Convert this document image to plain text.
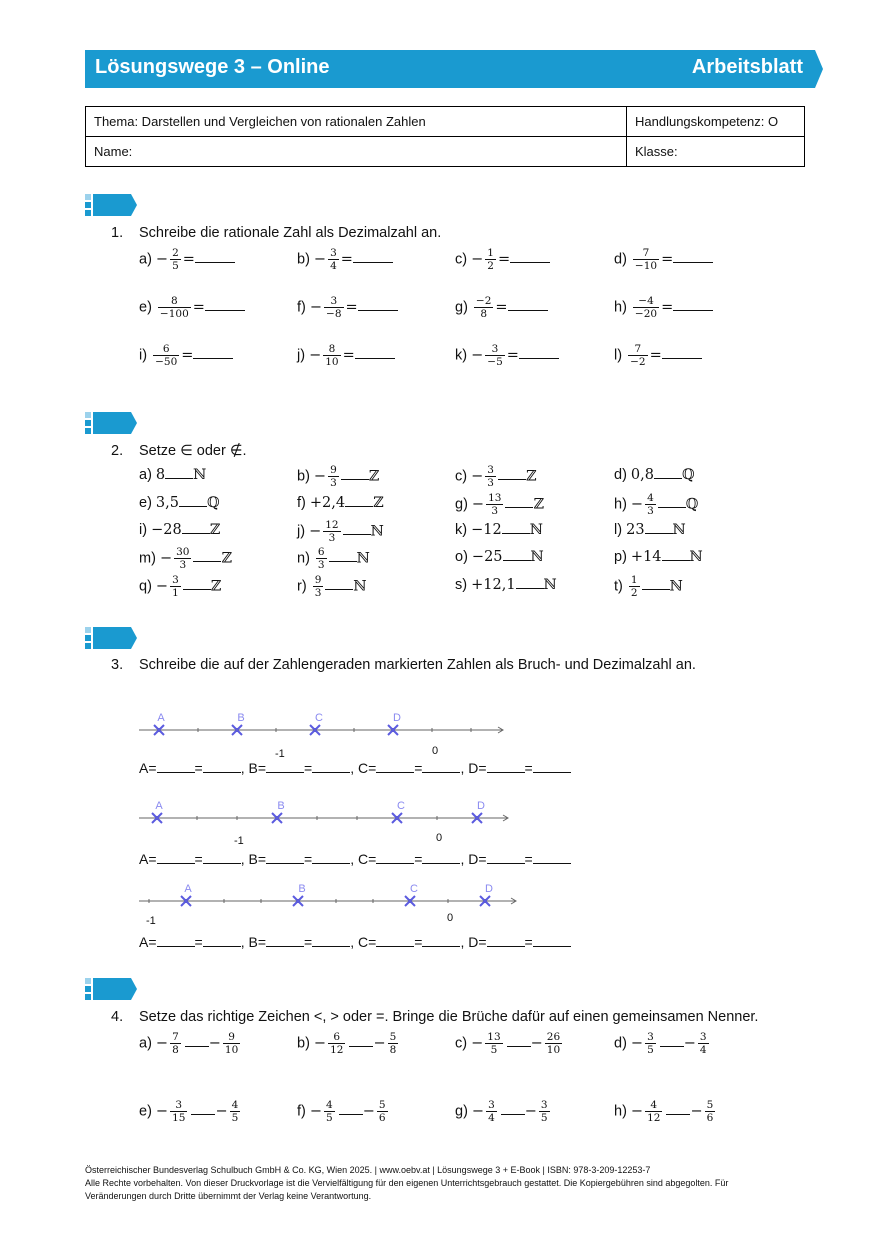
Lösungswege 3 – Online	Arbeitsblatt
Thema: Darstellen und Vergleichen von rationalen Zahlen	Handlungskompetenz: O
Name:	Klasse:
1. Schreibe die rationale Zahl als Dezimalzahl an.
$a) - \frac{2}{5}$ =	$b) - \frac{3}{4}$ =	$c) - \frac{1}{2}$ =	$d) \frac{7}{-10}$ =
$e) \frac{8}{-100}$ =	$f) - \frac{3}{-8}$ =	$g) \frac{-2}{8}$ =	$h) \frac{-4}{-20}$ =
$i) \frac{6}{-50}$ =	$j) - \frac{8}{10}$ =	$k) - \frac{3}{-5}$ =	$l) \frac{7}{-2}$ =
2. Setze ∈ oder ∉.
a) 8 ℕ	$b) - \frac{9}{3}$ ℤ	$c) - \frac{3}{3}$ ℤ	d) 0,8 ℚ
e) 3,5 ℚ	f) +2,4 ℤ	$g) - \frac{13}{3}$ ℤ	$h) - \frac{4}{3}$ ℚ
i) −28 ℤ	$j) - \frac{12}{3}$ ℕ	k) −12 ℕ	l) 23 ℕ
$m) - \frac{30}{3}$ ℤ	$n) \frac{6}{3}$ ℕ	o) −25 ℕ	p) +14 ℕ
$q) - \frac{3}{1}$ ℤ	$r) \frac{9}{3}$ ℕ	s) +12,1 ℕ	$t) \frac{1}{2}$ ℕ
3. Schreibe die auf der Zahlengeraden markierten Zahlen als Bruch- und Dezimalzahl an.
A	B	C	D
A	B	C	D
A	B	C	D
-1	0
A=	=	, B=	=	, C=	=	, D=	=
-1	0
A=	=	, B=	=	, C=	=	, D=	=
-1	0
A=	=	, B=	=	, C=	=	, D=	=
4. Setze das richtige Zeichen <, > oder =. Bringe die Brüche dafür auf einen gemeinsamen Nenner.
$a) - \frac{7}{8} - \frac{9}{10}$	$b) - \frac{6}{12} - \frac{5}{8}$	$c) - \frac{13}{5} - \frac{26}{10}$	$d) - \frac{3}{5} - \frac{3}{4}$
$e) - \frac{3}{15} - \frac{4}{5}$	$f) - \frac{4}{5} - \frac{5}{6}$	$g) - \frac{3}{4} - \frac{3}{5}$	$h) - \frac{4}{12} - \frac{5}{6}$
Österreichischer Bundesverlag Schulbuch GmbH & Co. KG, Wien 2025. | www.oebv.at | Lösungswege 3 + E-Book | ISBN: 978-3-209-12253-7
Alle Rechte vorbehalten. Von dieser Druckvorlage ist die Vervielfältigung für den eigenen Unterrichtsgebrauch gestattet. Die Kopiergebühren sind abgegolten. Für
Veränderungen durch Dritte übernimmt der Verlag keine Verantwortung.
